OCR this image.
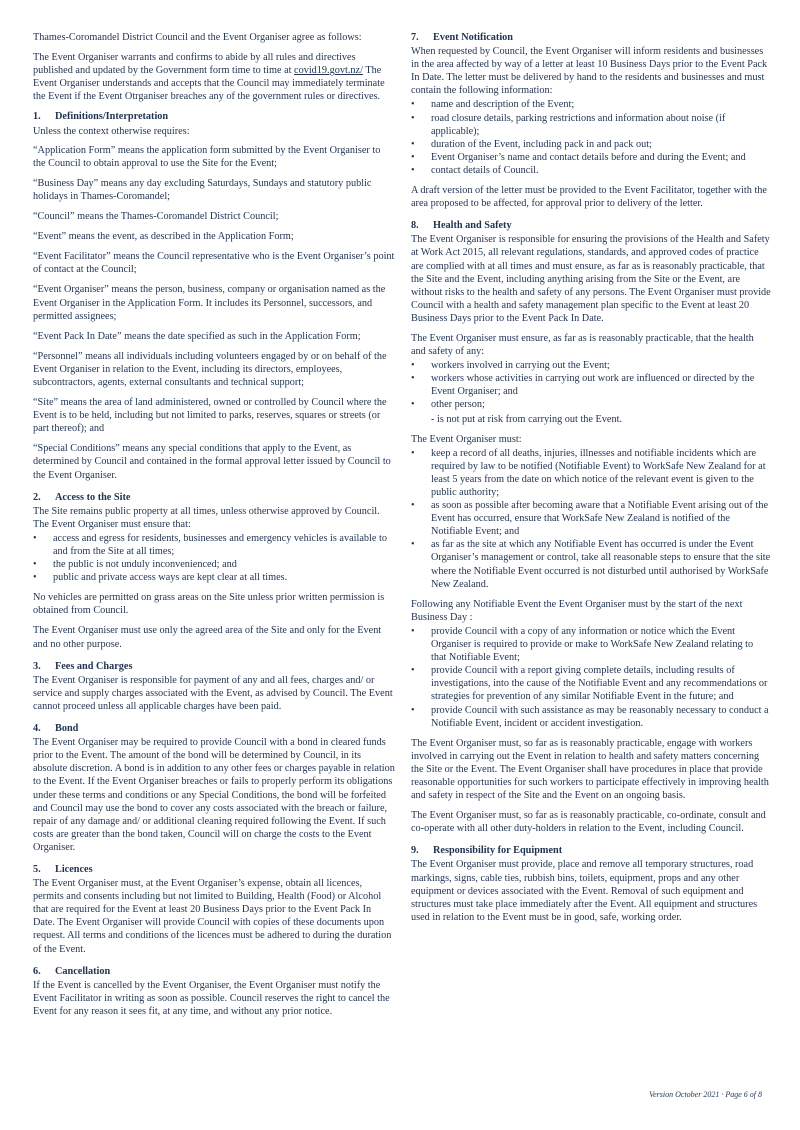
Thames-Coromandel District Council and the Event Organiser agree as follows:

The Event Organiser warrants and confirms to abide by all rules and directives published and updated by the Government form time to time at covid19.govt.nz/ The Event Organiser understands and accepts that the Council may immediately terminate the Event if the Event Otrganiser breaches any of the government rules or directives.

1. Definitions/Interpretation

Unless the context otherwise requires:

“Application Form” means the application form submitted by the Event Organiser to the Council to obtain approval to use the Site for the Event;

“Business Day” means any day excluding Saturdays, Sundays and statutory public holidays in Thames-Coromandel;

“Council” means the Thames-Coromandel District Council;

“Event” means the event, as described in the Application Form;

“Event Facilitator” means the Council representative who is the Event Organiser’s point of contact at the Council;

“Event Organiser” means the person, business, company or organisation named as the Event Organiser in the Application Form. It includes its Personnel, successors, and permitted assignees;

“Event Pack In Date” means the date specified as such in the Application Form;

“Personnel” means all individuals including volunteers engaged by or on behalf of the Event Organiser in relation to the Event, including its directors, employees, subcontractors, agents, external consultants and technical support;

“Site” means the area of land administered, owned or controlled by Council where the Event is to be held, including but not limited to parks, reserves, squares or streets (or part thereof); and

“Special Conditions” means any special conditions that apply to the Event, as determined by Council and contained in the formal approval letter issued by Council to the Event Organiser.

2. Access to the Site

The Site remains public property at all times, unless otherwise approved by Council. The Event Organiser must ensure that:

• access and egress for residents, businesses and emergency vehicles is available to and from the Site at all times;
• the public is not unduly inconvenienced; and
• public and private access ways are kept clear at all times.

No vehicles are permitted on grass areas on the Site unless prior written permission is obtained from Council.

The Event Organiser must use only the agreed area of the Site and only for the Event and no other purpose.

3. Fees and Charges

The Event Organiser is responsible for payment of any and all fees, charges and/ or service and supply charges associated with the Event, as advised by Council. The Event cannot proceed unless all applicable charges have been paid.

4. Bond

The Event Organiser may be required to provide Council with a bond in cleared funds prior to the Event. The amount of the bond will be determined by Council, in its absolute discretion. A bond is in addition to any other fees or charges payable in relation to the Event. If the Event Organiser breaches or fails to properly perform its obligations under these terms and conditions or any Special Conditions, the bond will be forfeited and Council may use the bond to cover any costs associated with the breach or failure, repair of any damage and/ or additional cleaning required following the Event. If such costs are greater than the bond taken, Council will on charge the costs to the Event Organiser.

5. Licences

The Event Organiser must, at the Event Organiser’s expense, obtain all licences, permits and consents including but not limited to Building, Health (Food) or Alcohol that are required for the Event at least 20 Business Days prior to the Event Pack In Date. The Event Organiser will provide Council with copies of these documents upon request. All terms and conditions of the licences must be adhered to during the duration of the Event.

6. Cancellation

If the Event is cancelled by the Event Organiser, the Event Organiser must notify the Event Facilitator in writing as soon as possible. Council reserves the right to cancel the Event for any reason it sees fit, at any time, and without any prior notice.

7. Event Notification

When requested by Council, the Event Organiser will inform residents and businesses in the area affected by way of a letter at least 10 Business Days prior to the Event Pack In Date. The letter must be delivered by hand to the residents and businesses and must contain the following information:

• name and description of the Event;
• road closure details, parking restrictions and information about noise (if applicable);
• duration of the Event, including pack in and pack out;
• Event Organiser’s name and contact details before and during the Event; and
• contact details of Council.

A draft version of the letter must be provided to the Event Facilitator, together with the area proposed to be affected, for approval prior to delivery of the letter.

8. Health and Safety

The Event Organiser is responsible for ensuring the provisions of the Health and Safety at Work Act 2015, all relevant regulations, standards, and approved codes of practice are complied with at all times and must ensure, as far as is reasonably practicable, that the Site and the Event, including anything arising from the Site or the Event, are without risks to the health and safety of any persons. The Event Organiser must provide Council with a health and safety management plan specific to the Event at least 20 Business Days prior to the Event Pack In Date.

The Event Organiser must ensure, as far as is reasonably practicable, that the health and safety of any:

• workers involved in carrying out the Event;
• workers whose activities in carrying out work are influenced or directed by the Event Organiser; and
• other person;
- is not put at risk from carrying out the Event.

The Event Organiser must:

• keep a record of all deaths, injuries, illnesses and notifiable incidents which are required by law to be notified (Notifiable Event) to WorkSafe New Zealand for at least 5 years from the date on which notice of the relevant event is given to the public authority;
• as soon as possible after becoming aware that a Notifiable Event arising out of the Event has occurred, ensure that WorkSafe New Zealand is notified of the Notifiable Event; and
• as far as the site at which any Notifiable Event has occurred is under the Event Organiser’s management or control, take all reasonable steps to ensure that the site where the Notifiable Event occurred is not disturbed until authorised by WorkSafe New Zealand.

Following any Notifiable Event the Event Organiser must by the start of the next Business Day :

• provide Council with a copy of any information or notice which the Event Organiser is required to provide or make to WorkSafe New Zealand relating to that Notifiable Event;
• provide Council with a report giving complete details, including results of investigations, into the cause of the Notifiable Event and any recommendations or strategies for prevention of any similar Notifiable Event in the future; and
• provide Council with such assistance as may be reasonably necessary to conduct a Notifiable Event, incident or accident investigation.

The Event Organiser must, so far as is reasonably practicable, engage with workers involved in carrying out the Event in relation to health and safety matters concerning the Site or the Event. The Event Organiser shall have procedures in place that provide reasonable opportunities for such workers to participate effectively in improving health and safety in respect of the Site and the Event on an ongoing basis.

The Event Organiser must, so far as is reasonably practicable, co-ordinate, consult and co-operate with all other duty-holders in relation to the Event, including Council.

9. Responsibility for Equipment

The Event Organiser must provide, place and remove all temporary structures, road markings, signs, cable ties, rubbish bins, toilets, equipment, props and any other equipment or devices associated with the Event. Removal of such equipment and structures must take place immediately after the Event. All equipment and structures used in relation to the Event must be in good, safe, working order.

Version October 2021 · Page 6 of 8
